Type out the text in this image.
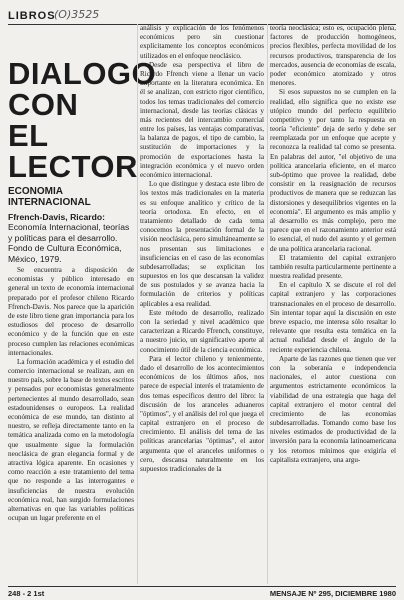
LIBROS
(O)3525
DIALOGO
CON
EL
LECTOR
ECONOMIA INTERNACIONAL
Ffrench-Davis, Ricardo: Economía Internacional, teorías y políticas para el desarrollo. Fondo de Cultura Económica, México, 1979.

Se encuentra a disposición de economistas y público interesado en general un texto de economía internacional preparado por el profesor chileno Ricardo Ffrench-Davis. Nos parece que la aparición de este libro tiene gran importancia para los estudiosos del proceso de desarrollo económico y de la función que en este proceso cumplen las relaciones económicas internacionales.

La formación académica y el estudio del comercio internacional se realizan, aun en nuestro país, sobre la base de textos escritos y pensados por economistas generalmente pertenecientes al mundo desarrollado, sean estadounidenses o europeos. La realidad económica de ese mundo, tan distinto al nuestro, se refleja directamente tanto en la temática analizada como en la metodología que usualmente sigue la formulación neoclásica de gran elegancia formal y de atractiva lógica aparente. En ocasiones y como reacción a este tratamiento del tema que no responde a las interrogantes e insuficiencias de nuestra evolución económica real, han surgido formulaciones alternativas en que las variables políticas ocupan un lugar preferente en el

análisis y explicación de los fenómenos económicos pero sin cuestionar explícitamente los conceptos económicos utilizados en el enfoque neoclásico.

Desde esa perspectiva el libro de Ricardo Ffrench viene a llenar un vacío importante en la literatura económica. En él se analizan, con estricto rigor científico, todos los temas tradicionales del comercio internacional, desde las teorías clásicas y más recientes del intercambio comercial entre los países, las ventajas comparativas, la balanza de pagos, el tipo de cambio, la sustitución de importaciones y la promoción de exportaciones hasta la integración económica y el nuevo orden económico internacional.

Lo que distingue y destaca este libro de los textos más tradicionales en la materia es su enfoque analítico y crítico de la teoría ortodoxa. En efecto, en el tratamiento detallado de cada tema conocemos la presentación formal de la visión neoclásica, pero simultáneamente se nos presentan sus limitaciones e insuficiencias en el caso de las economías subdesarrolladas; se explicitan los supuestos en los que descansan la validez de sus postulados y se avanza hacia la formulación de criterios y políticas aplicables a esa realidad.

Este método de desarrollo, realizado con la seriedad y nivel académico que caracterizan a Ricardo Ffrench, constituye, a nuestro juicio, un significativo aporte al conocimiento útil de la ciencia económica.

Para el lector chileno y tenienmente, dado el desarrollo de los acontecimientos económicos de los últimos años, nos parece de especial interés el tratamiento de dos temas específicos dentro del libro: la discusión de los aranceles aduaneros "óptimos", y el análisis del rol que juega el capital extranjero en el proceso de crecimiento. El análisis del tema de las políticas arancelarias "óptimas", el autor argumenta que el aranceles uniformes o cero, descansa naturalmente en los supuestos tradicionales de la

teoría neoclásica; esto es, ocupación plena, factores de producción homogéneos, precios flexibles, perfecta movilidad de los recursos productivos, transparencia de los mercados, ausencia de economías de escala, poder económico atomizado y otros menores.

Si esos supuestos no se cumplen en la realidad, ello significa que no existe ese utópico mundo del perfecto equilibrio competitivo y por tanto la respuesta en teoría "eficiente" deja de serlo y debe ser reemplazada por un enfoque que acepte y reconozca la realidad tal como se presenta. En palabras del autor, "el objetivo de una política arancelaria eficiente, en el marco sub-óptimo que provee la realidad, debe consistir en la reasignación de recursos productivos de manera que se reduzcan las distorsiones y desequilibrios vigentes en la economía". El argumento es más amplio y al desarrollo es más complejo, pero me parece que en el razonamiento anterior está lo esencial, el nudo del asunto y el germen de una política arancelaria racional.

El tratamiento del capital extranjero también resulta particularmente pertinente a nuestra realidad presente.

En el capítulo X se discute el rol del capital extranjero y las corporaciones transnacionales en el proceso de desarrollo. Sin intentar topar aquí la discusión en este breve espacio, me interesa sólo resaltar lo relevante que resulta esta temática en la actual realidad desde el ángulo de la reciente experiencia chilena.

Aparte de las razones que tienen que ver con la soberanía e independencia nacionales, el autor cuestiona con argumentos estrictamente económicos la viabilidad de una estrategia que haga del capital extranjero el motor central del crecimiento de las economías subdesarrolladas. Tomando como base los niveles estimados de productividad de la inversión para la economía latinoamericana y los retornos mínimos que exigiría el capitalista extranjero, una argu-

248 - 2 1st	MENSAJE Nº 295, DICIEMBRE 1980
